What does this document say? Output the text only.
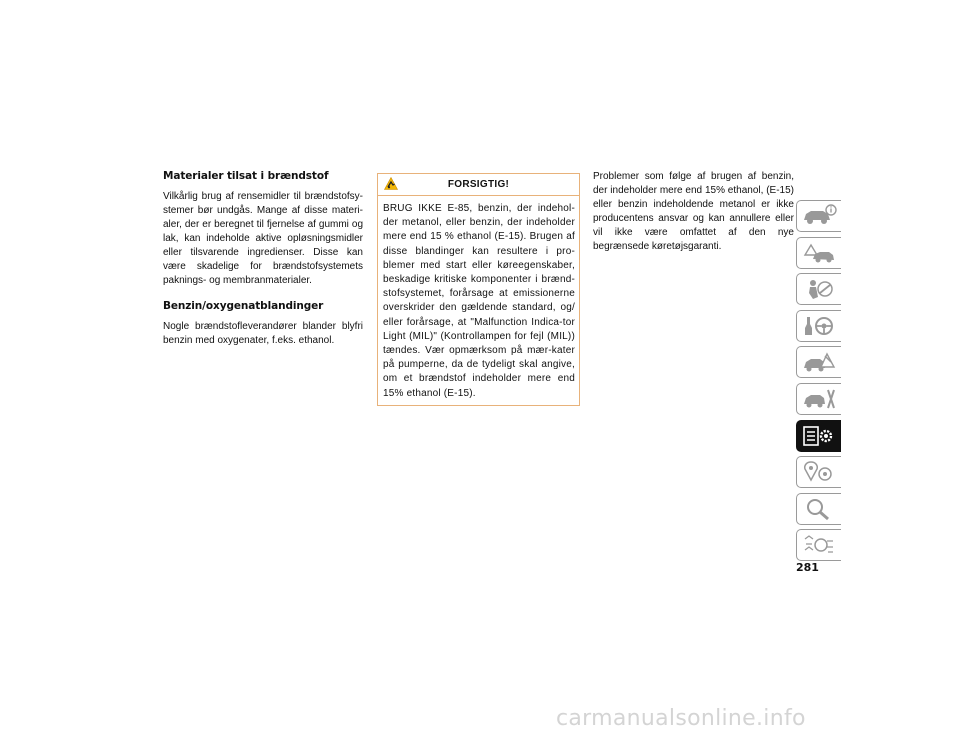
Materialer tilsat i brændstof
Vilkårlig brug af rensemidler til brændstofsy-stemer bør undgås. Mange af disse materi-aler, der er beregnet til fjernelse af gummi og lak, kan indeholde aktive opløsningsmidler eller tilsvarende ingredienser. Disse kan være skadelige for brændstofsystemets paknings- og membranmaterialer.
Benzin/oxygenatblandinger
Nogle brændstofleverandører blander blyfri benzin med oxygenater, f.eks. ethanol.
FORSIGTIG!
BRUG IKKE E-85, benzin, der indehol-der metanol, eller benzin, der indeholder mere end 15 % ethanol (E-15). Brugen af disse blandinger kan resultere i pro-blemer med start eller køreegenskaber, beskadige kritiske komponenter i brænd-stofsystemet, forårsage at emissionerne overskrider den gældende standard, og/ eller forårsage, at "Malfunction Indica-tor Light (MIL)" (Kontrollampen for fejl (MIL)) tændes. Vær opmærksom på mær-kater på pumperne, da de tydeligt skal angive, om et brændstof indeholder mere end 15% ethanol (E-15).
Problemer som følge af brugen af benzin, der indeholder mere end 15% ethanol, (E-15) eller benzin indeholdende metanol er ikke producentens ansvar og kan annullere eller vil ikke være omfattet af den nye begrænsede køretøjsgaranti.
281
carmanualsonline.info
